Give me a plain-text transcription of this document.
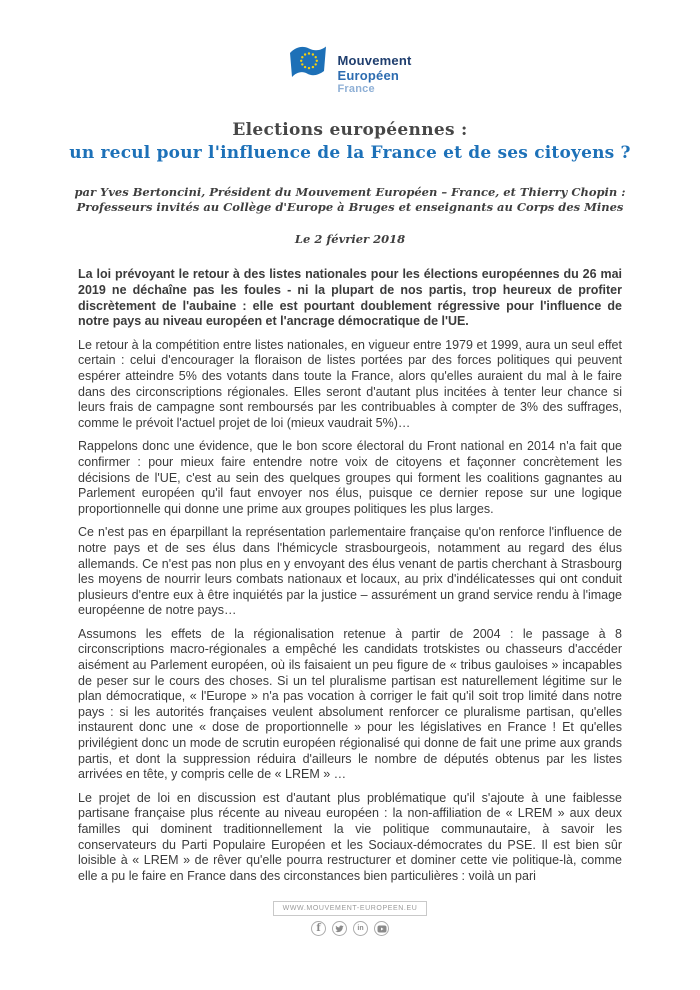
Mouvement
Européen
France
Elections européennes :
un recul pour l'influence de la France et de ses citoyens ?
par Yves Bertoncini, Président du Mouvement Européen – France, et Thierry Chopin :
Professeurs invités au Collège d'Europe à Bruges et enseignants au Corps des Mines
Le 2 février 2018

La loi prévoyant le retour à des listes nationales pour les élections européennes du 26 mai 2019 ne déchaîne pas les foules - ni la plupart de nos partis, trop heureux de profiter discrètement de l'aubaine : elle est pourtant doublement régressive pour l'influence de notre pays au niveau européen et l'ancrage démocratique de l'UE.

Le retour à la compétition entre listes nationales, en vigueur entre 1979 et 1999, aura un seul effet certain : celui d'encourager la floraison de listes portées par des forces politiques qui peuvent espérer atteindre 5% des votants dans toute la France, alors qu'elles auraient du mal à le faire dans des circonscriptions régionales. Elles seront d'autant plus incitées à tenter leur chance si leurs frais de campagne sont remboursés par les contribuables à compter de 3% des suffrages, comme le prévoit l'actuel projet de loi (mieux vaudrait 5%)…

Rappelons donc une évidence, que le bon score électoral du Front national en 2014 n'a fait que confirmer : pour mieux faire entendre notre voix de citoyens et façonner concrètement les décisions de l'UE, c'est au sein des quelques groupes qui forment les coalitions gagnantes au Parlement européen qu'il faut envoyer nos élus, puisque ce dernier repose sur une logique proportionnelle qui donne une prime aux groupes politiques les plus larges.

Ce n'est pas en éparpillant la représentation parlementaire française qu'on renforce l'influence de notre pays et de ses élus dans l'hémicycle strasbourgeois, notamment au regard des élus allemands. Ce n'est pas non plus en y envoyant des élus venant de partis cherchant à Strasbourg les moyens de nourrir leurs combats nationaux et locaux, au prix d'indélicatesses qui ont conduit plusieurs d'entre eux à être inquiétés par la justice – assurément un grand service rendu à l'image européenne de notre pays…

Assumons les effets de la régionalisation retenue à partir de 2004 : le passage à 8 circonscriptions macro-régionales a empêché les candidats trotskistes ou chasseurs d'accéder aisément au Parlement européen, où ils faisaient un peu figure de « tribus gauloises » incapables de peser sur le cours des choses. Si un tel pluralisme partisan est naturellement légitime sur le plan démocratique, « l'Europe » n'a pas vocation à corriger le fait qu'il soit trop limité dans notre pays : si les autorités françaises veulent absolument renforcer ce pluralisme partisan, qu'elles instaurent donc une « dose de proportionnelle » pour les législatives en France ! Et qu'elles privilégient donc un mode de scrutin européen régionalisé qui donne de fait une prime aux grands partis, et dont la suppression réduira d'ailleurs le nombre de députés obtenus par les listes arrivées en tête, y compris celle de « LREM » …

Le projet de loi en discussion est d'autant plus problématique qu'il s'ajoute à une faiblesse partisane française plus récente au niveau européen : la non-affiliation de « LREM » aux deux familles qui dominent traditionnellement la vie politique communautaire, à savoir les conservateurs du Parti Populaire Européen et les Sociaux-démocrates du PSE. Il est bien sûr loisible à « LREM » de rêver qu'elle pourra restructurer et dominer cette vie politique-là, comme elle a pu le faire en France dans des circonstances bien particulières : voilà un pari

WWW.MOUVEMENT-EUROPEEN.EU
f	in
